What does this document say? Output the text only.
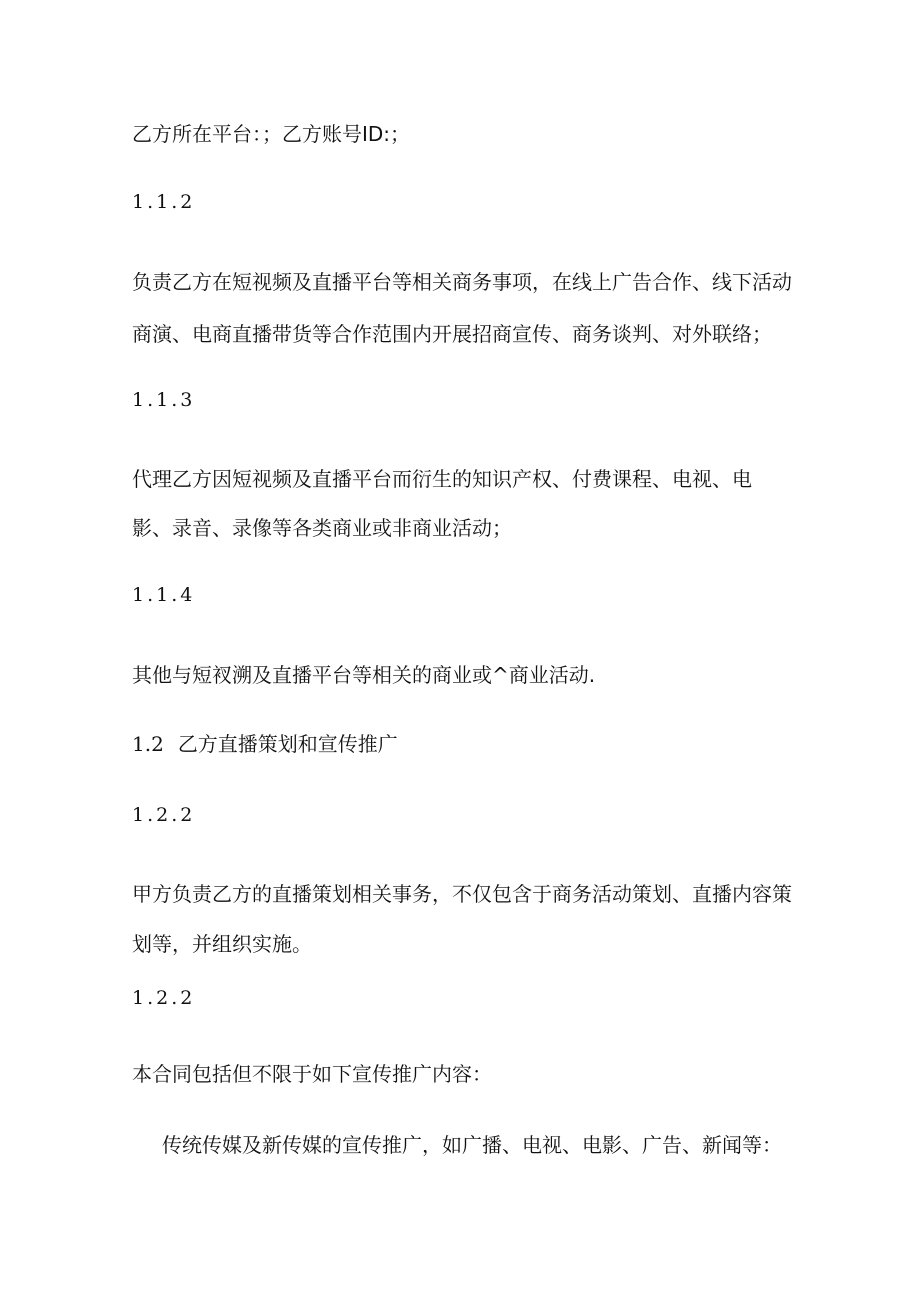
乙方所在平台：；乙方账号ID:；

1.1.2

负责乙方在短视频及直播平台等相关商务事项，在线上广告合作、线下活动

商演、电商直播带货等合作范围内开展招商宣传、商务谈判、对外联络；

1.1.3

代理乙方因短视频及直播平台而衍生的知识产权、付费课程、电视、电

影、录音、录像等各类商业或非商业活动；

1.1.4

其他与短衩溯及直播平台等相关的商业或^商业活动.

1.2 乙方直播策划和宣传推广

1.2.2

甲方负责乙方的直播策划相关事务，不仅包含于商务活动策划、直播内容策

划等，并组织实施。

1.2.2

本合同包括但不限于如下宣传推广内容：

传统传媒及新传媒的宣传推广，如广播、电视、电影、广告、新闻等：
